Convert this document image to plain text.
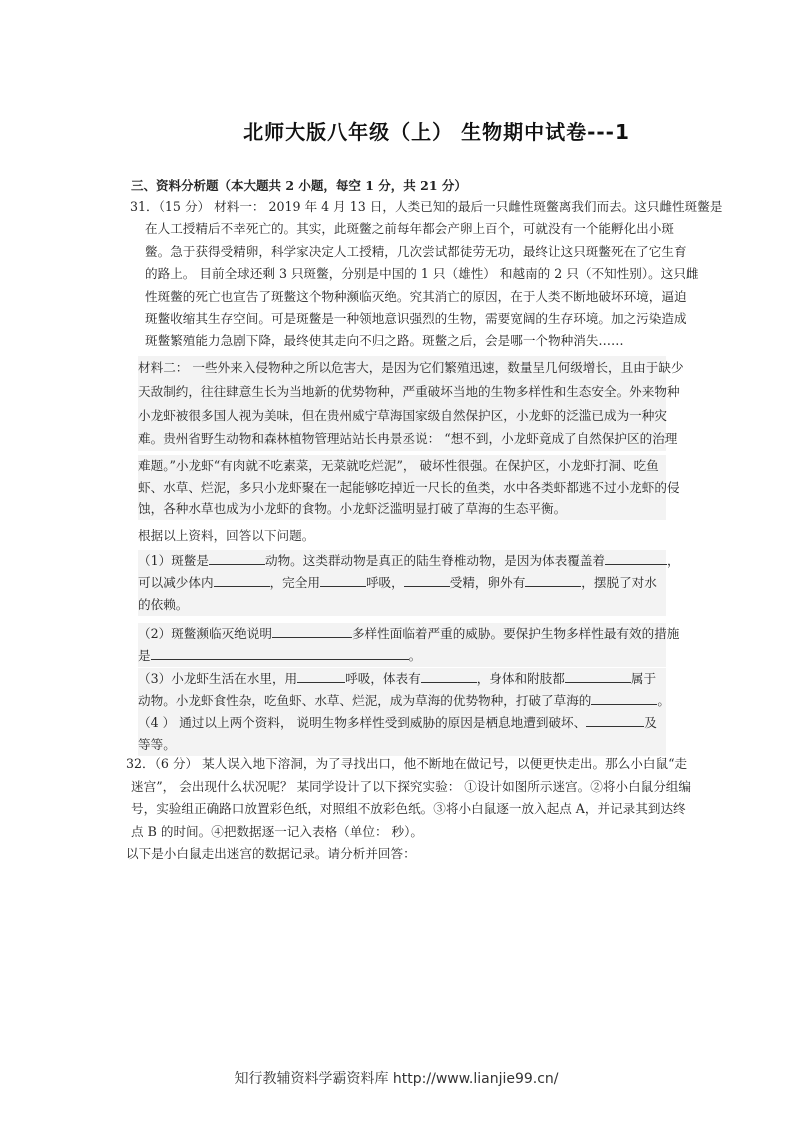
北师大版八年级（上） 生物期中试卷---1
三、资料分析题（本大题共 2 小题，每空 1 分，共 21 分）
31．（15 分） 材料一： 2019 年 4 月 13 日，人类已知的最后一只雌性斑鳖离我们而去。这只雌性斑鳖是
在人工授精后不幸死亡的。其实，此斑鳖之前每年都会产卵上百个，可就没有一个能孵化出小斑
鳖。急于获得受精卵，科学家决定人工授精，几次尝试都徒劳无功，最终让这只斑鳖死在了它生育
的路上。 目前全球还剩 3 只斑鳖，分别是中国的 1 只（雄性） 和越南的 2 只（不知性别）。这只雌
性斑鳖的死亡也宣告了斑鳖这个物种濒临灭绝。究其消亡的原因，在于人类不断地破坏环境，逼迫
斑鳖收缩其生存空间。可是斑鳖是一种领地意识强烈的生物，需要宽阔的生存环境。加之污染造成
斑鳖繁殖能力急剧下降，最终使其走向不归之路。斑鳖之后，会是哪一个物种消失……
材料二： 一些外来入侵物种之所以危害大，是因为它们繁殖迅速，数量呈几何级增长，且由于缺少
天敌制约，往往肆意生长为当地新的优势物种，严重破坏当地的生物多样性和生态安全。外来物种
小龙虾被很多国人视为美味，但在贵州威宁草海国家级自然保护区，小龙虾的泛滥已成为一种灾
难。贵州省野生动物和森林植物管理站站长冉景丞说： “想不到，小龙虾竟成了自然保护区的治理
难题。”小龙虾“有肉就不吃素菜，无菜就吃烂泥”， 破坏性很强。在保护区，小龙虾打洞、吃鱼
虾、水草、烂泥，多只小龙虾聚在一起能够吃掉近一尺长的鱼类，水中各类虾都逃不过小龙虾的侵
蚀，各种水草也成为小龙虾的食物。小龙虾泛滥明显打破了草海的生态平衡。
根据以上资料，回答以下问题。
（1）斑鳖是	动物。这类群动物是真正的陆生脊椎动物，是因为体表覆盖着	，
可以减少体内	，完全用	呼吸，	受精，卵外有	，摆脱了对水
的依赖。
（2）斑鳖濒临灭绝说明	多样性面临着严重的威胁。要保护生物多样性最有效的措施
是	。
（3）小龙虾生活在水里，用	呼吸，体表有	，身体和附肢都	属于
动物。小龙虾食性杂，吃鱼虾、水草、烂泥，成为草海的优势物种，打破了草海的	。
（4 ） 通过以上两个资料， 说明生物多样性受到威胁的原因是栖息地遭到破坏、	及
等等。
32．（6 分） 某人误入地下溶洞，为了寻找出口，他不断地在做记号，以便更快走出。那么小白鼠“走
迷宫”， 会出现什么状况呢？ 某同学设计了以下探究实验： ①设计如图所示迷宫。②将小白鼠分组编
号，实验组正确路口放置彩色纸，对照组不放彩色纸。③将小白鼠逐一放入起点 A，并记录其到达终
点 B 的时间。④把数据逐一记入表格（单位： 秒）。
以下是小白鼠走出迷宫的数据记录。请分析并回答：
知行教辅资料学霸资料库 http://www.lianjie99.cn/
